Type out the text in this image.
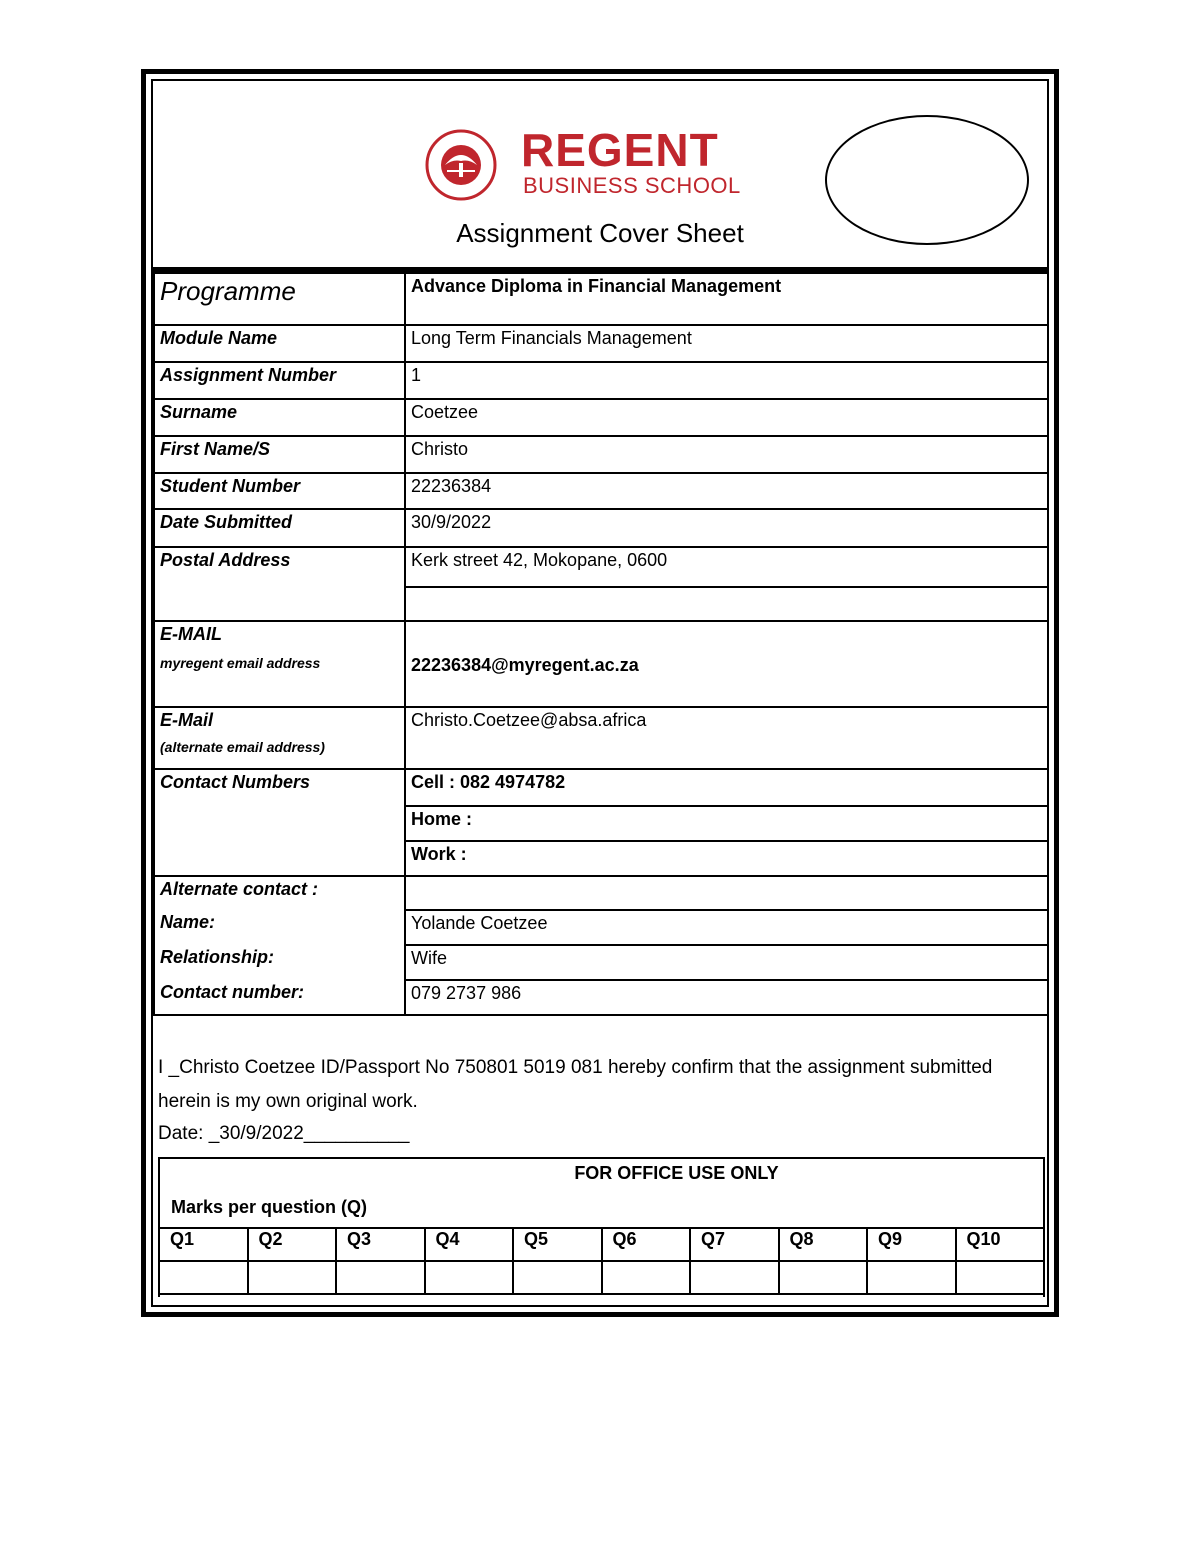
REGENT
BUSINESS SCHOOL
Assignment Cover Sheet
Programme	Advance Diploma in Financial Management
Module Name	Long Term Financials Management
Assignment Number	1
Surname	Coetzee
First Name/S	Christo
Student Number	22236384
Date Submitted	30/9/2022
Postal Address	Kerk street 42, Mokopane, 0600

E-MAIL
myregent email address	22236384@myregent.ac.za
E-Mail
(alternate email address)	Christo.Coetzee@absa.africa
Contact Numbers	Cell : 082 4974782
	Home :
	Work :
Alternate contact :	
Name:	Yolande Coetzee
Relationship:	Wife
Contact number:	079 2737 986
I _Christo Coetzee ID/Passport No 750801 5019 081 hereby confirm that the assignment submitted
herein is my own original work.
Date: _30/9/2022__________
FOR OFFICE USE ONLY
Marks per question (Q)
Q1	Q2	Q3	Q4	Q5	Q6	Q7	Q8	Q9	Q10
